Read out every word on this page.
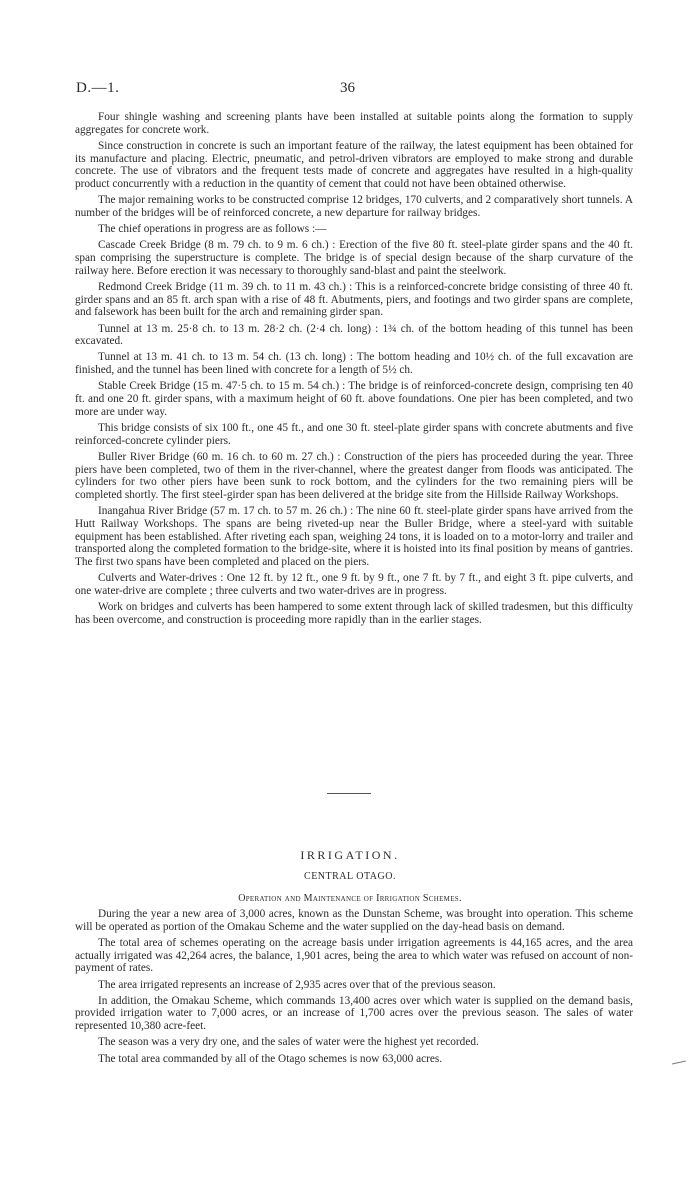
D.—1.	36

Four shingle washing and screening plants have been installed at suitable points along the formation to supply aggregates for concrete work.

Since construction in concrete is such an important feature of the railway, the latest equipment has been obtained for its manufacture and placing. Electric, pneumatic, and petrol-driven vibrators are employed to make strong and durable concrete. The use of vibrators and the frequent tests made of concrete and aggregates have resulted in a high-quality product concurrently with a reduction in the quantity of cement that could not have been obtained otherwise.

The major remaining works to be constructed comprise 12 bridges, 170 culverts, and 2 comparatively short tunnels. A number of the bridges will be of reinforced concrete, a new departure for railway bridges.

The chief operations in progress are as follows :—

Cascade Creek Bridge (8 m. 79 ch. to 9 m. 6 ch.) : Erection of the five 80 ft. steel-plate girder spans and the 40 ft. span comprising the superstructure is complete. The bridge is of special design because of the sharp curvature of the railway here. Before erection it was necessary to thoroughly sand-blast and paint the steelwork.

Redmond Creek Bridge (11 m. 39 ch. to 11 m. 43 ch.) : This is a reinforced-concrete bridge consisting of three 40 ft. girder spans and an 85 ft. arch span with a rise of 48 ft. Abutments, piers, and footings and two girder spans are complete, and falsework has been built for the arch and remaining girder span.

Tunnel at 13 m. 25·8 ch. to 13 m. 28·2 ch. (2·4 ch. long) : 1¾ ch. of the bottom heading of this tunnel has been excavated.

Tunnel at 13 m. 41 ch. to 13 m. 54 ch. (13 ch. long) : The bottom heading and 10½ ch. of the full excavation are finished, and the tunnel has been lined with concrete for a length of 5½ ch.

Stable Creek Bridge (15 m. 47·5 ch. to 15 m. 54 ch.) : The bridge is of reinforced-concrete design, comprising ten 40 ft. and one 20 ft. girder spans, with a maximum height of 60 ft. above foundations. One pier has been completed, and two more are under way.

This bridge consists of six 100 ft., one 45 ft., and one 30 ft. steel-plate girder spans with concrete abutments and five reinforced-concrete cylinder piers.

Buller River Bridge (60 m. 16 ch. to 60 m. 27 ch.) : Construction of the piers has proceeded during the year. Three piers have been completed, two of them in the river-channel, where the greatest danger from floods was anticipated. The cylinders for two other piers have been sunk to rock bottom, and the cylinders for the two remaining piers will be completed shortly. The first steel-girder span has been delivered at the bridge site from the Hillside Railway Workshops.

Inangahua River Bridge (57 m. 17 ch. to 57 m. 26 ch.) : The nine 60 ft. steel-plate girder spans have arrived from the Hutt Railway Workshops. The spans are being riveted-up near the Buller Bridge, where a steel-yard with suitable equipment has been established. After riveting each span, weighing 24 tons, it is loaded on to a motor-lorry and trailer and transported along the completed formation to the bridge-site, where it is hoisted into its final position by means of gantries. The first two spans have been completed and placed on the piers.

Culverts and Water-drives : One 12 ft. by 12 ft., one 9 ft. by 9 ft., one 7 ft. by 7 ft., and eight 3 ft. pipe culverts, and one water-drive are complete ; three culverts and two water-drives are in progress.

Work on bridges and culverts has been hampered to some extent through lack of skilled tradesmen, but this difficulty has been overcome, and construction is proceeding more rapidly than in the earlier stages.

IRRIGATION.
CENTRAL OTAGO.
Operation and Maintenance of Irrigation Schemes.

During the year a new area of 3,000 acres, known as the Dunstan Scheme, was brought into operation. This scheme will be operated as portion of the Omakau Scheme and the water supplied on the day-head basis on demand.

The total area of schemes operating on the acreage basis under irrigation agreements is 44,165 acres, and the area actually irrigated was 42,264 acres, the balance, 1,901 acres, being the area to which water was refused on account of non-payment of rates.

The area irrigated represents an increase of 2,935 acres over that of the previous season.

In addition, the Omakau Scheme, which commands 13,400 acres over which water is supplied on the demand basis, provided irrigation water to 7,000 acres, or an increase of 1,700 acres over the previous season. The sales of water represented 10,380 acre-feet.

The season was a very dry one, and the sales of water were the highest yet recorded.

The total area commanded by all of the Otago schemes is now 63,000 acres.
